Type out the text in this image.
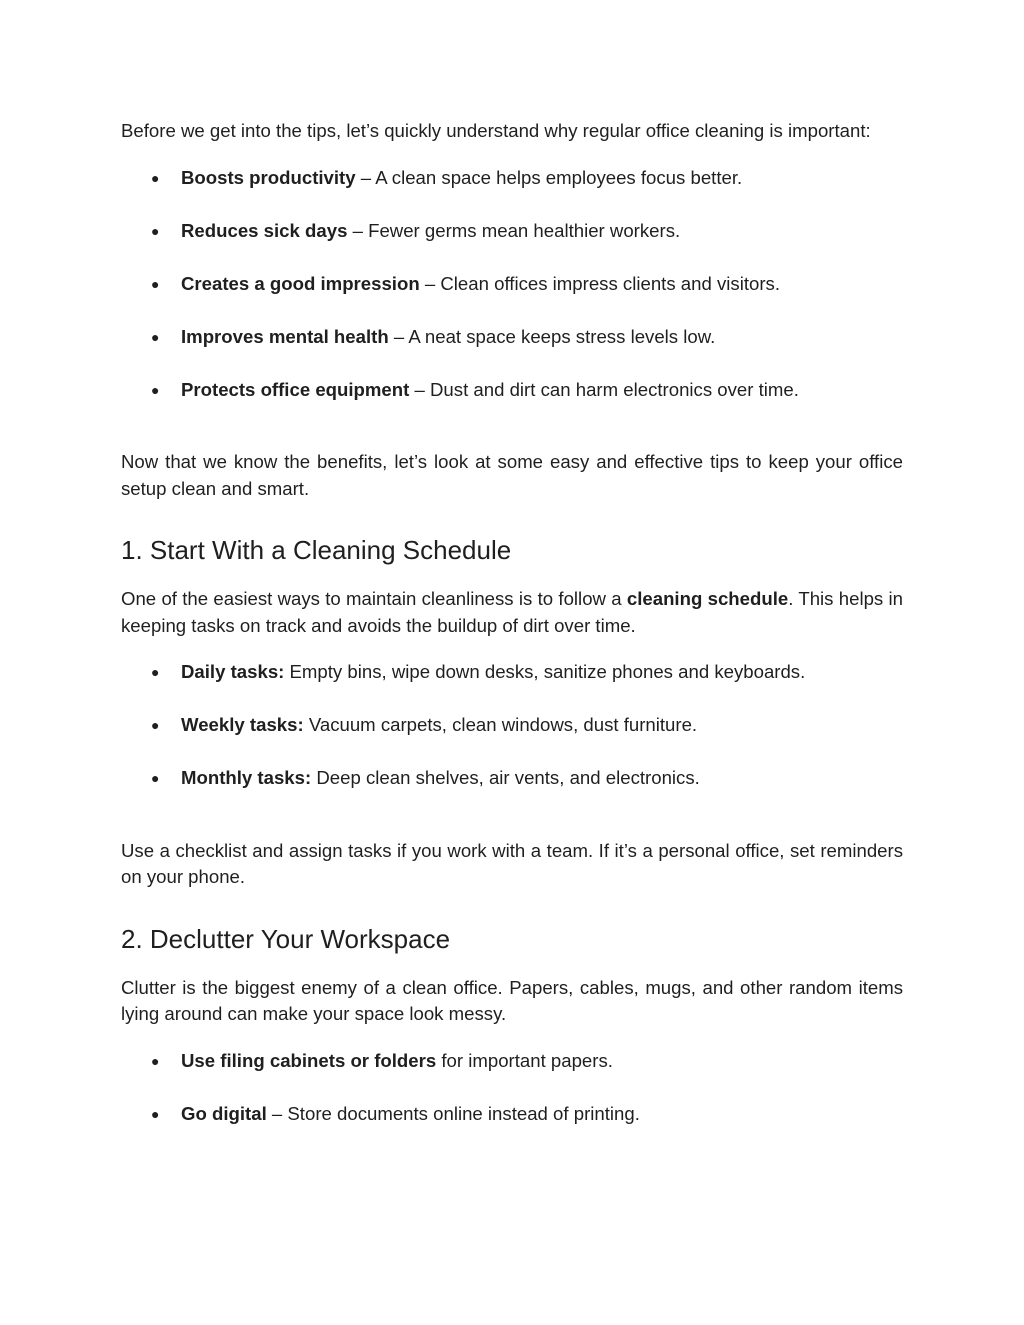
Before we get into the tips, let’s quickly understand why regular office cleaning is important:

● Boosts productivity – A clean space helps employees focus better.
● Reduces sick days – Fewer germs mean healthier workers.
● Creates a good impression – Clean offices impress clients and visitors.
● Improves mental health – A neat space keeps stress levels low.
● Protects office equipment – Dust and dirt can harm electronics over time.

Now that we know the benefits, let’s look at some easy and effective tips to keep your office setup clean and smart.

1. Start With a Cleaning Schedule

One of the easiest ways to maintain cleanliness is to follow a cleaning schedule. This helps in keeping tasks on track and avoids the buildup of dirt over time.

● Daily tasks: Empty bins, wipe down desks, sanitize phones and keyboards.
● Weekly tasks: Vacuum carpets, clean windows, dust furniture.
● Monthly tasks: Deep clean shelves, air vents, and electronics.

Use a checklist and assign tasks if you work with a team. If it’s a personal office, set reminders on your phone.

2. Declutter Your Workspace

Clutter is the biggest enemy of a clean office. Papers, cables, mugs, and other random items lying around can make your space look messy.

● Use filing cabinets or folders for important papers.
● Go digital – Store documents online instead of printing.
